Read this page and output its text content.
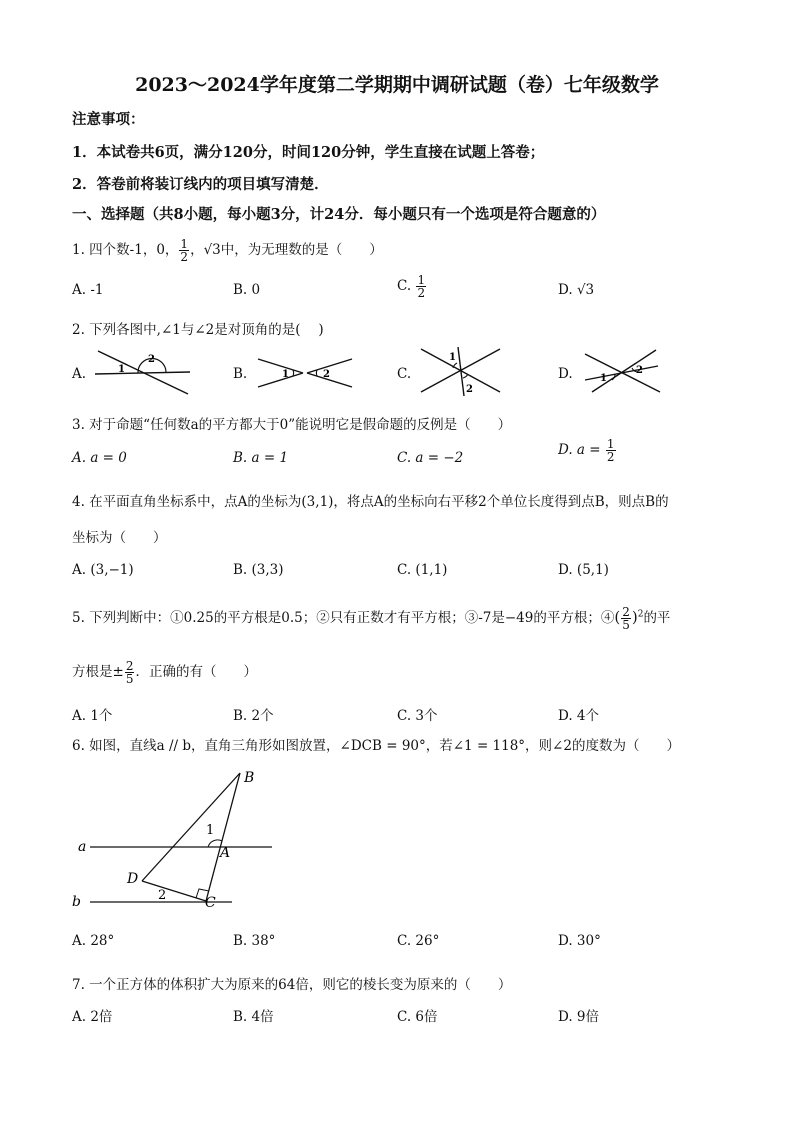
2023～2024学年度第二学期期中调研试题（卷）七年级数学
注意事项：
1．本试卷共6页，满分120分，时间120分钟，学生直接在试题上答卷；
2．答卷前将装订线内的项目填写清楚．
一、选择题（共8小题，每小题3分，计24分．每小题只有一个选项是符合题意的）
1. 四个数-1，0， $\frac{1}{2}$ ，√3中，为无理数的是（　　）
A. -1	B. 0	C. $\frac{1}{2}$	D. √3
2. 下列各图中,∠1与∠2是对顶角的是(　 )
A.	B.	C.	D.
1
2
1	2
1
2
1
2
3. 对于命题“任何数a的平方都大于0”能说明它是假命题的反例是（　　）
A. a = 0	B. a = 1	C. a = −2	D. $a = \frac{1}{2}$
4. 在平面直角坐标系中，点A的坐标为(3,1)，将点A的坐标向右平移2个单位长度得到点B，则点B的
坐标为（　　）
A. (3,−1)	B. (3,3)	C. (1,1)	D. (5,1)
5. 下列判断中：①0.25的平方根是0.5；②只有正数才有平方根；③-7是−49的平方根；④( $\frac{2}{5} )^2$的平
方根是± $\frac{2}{5}$ ．正确的有（　　）
A. 1个	B. 2个	C. 3个	D. 4个
6. 如图，直线a // b，直角三角形如图放置，∠DCB = 90°，若∠1 = 118°，则∠2的度数为（　　）
B
A
C
D
a
b
1
2
A. 28°	B. 38°	C. 26°	D. 30°
7. 一个正方体的体积扩大为原来的64倍，则它的棱长变为原来的（　　）
A. 2倍	B. 4倍	C. 6倍	D. 9倍
